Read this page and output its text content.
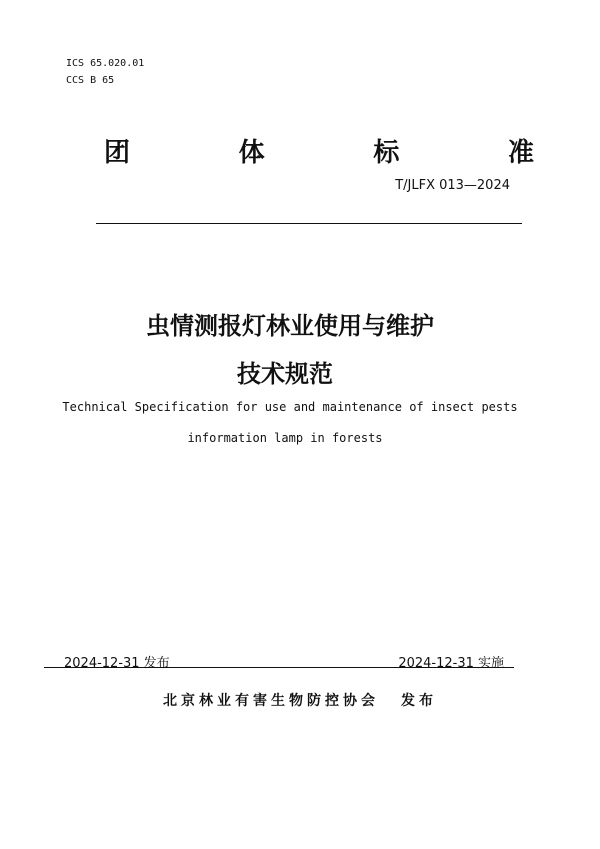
ICS 65.020.01
CCS B 65
团	体	标	准
T/JLFX 013—2024
虫情测报灯林业使用与维护
技术规范
Technical Specification for use and maintenance of insect pests
information lamp in forests
2024-12-31 发布	2024-12-31 实施
北京林业有害生物防控协会 发布
